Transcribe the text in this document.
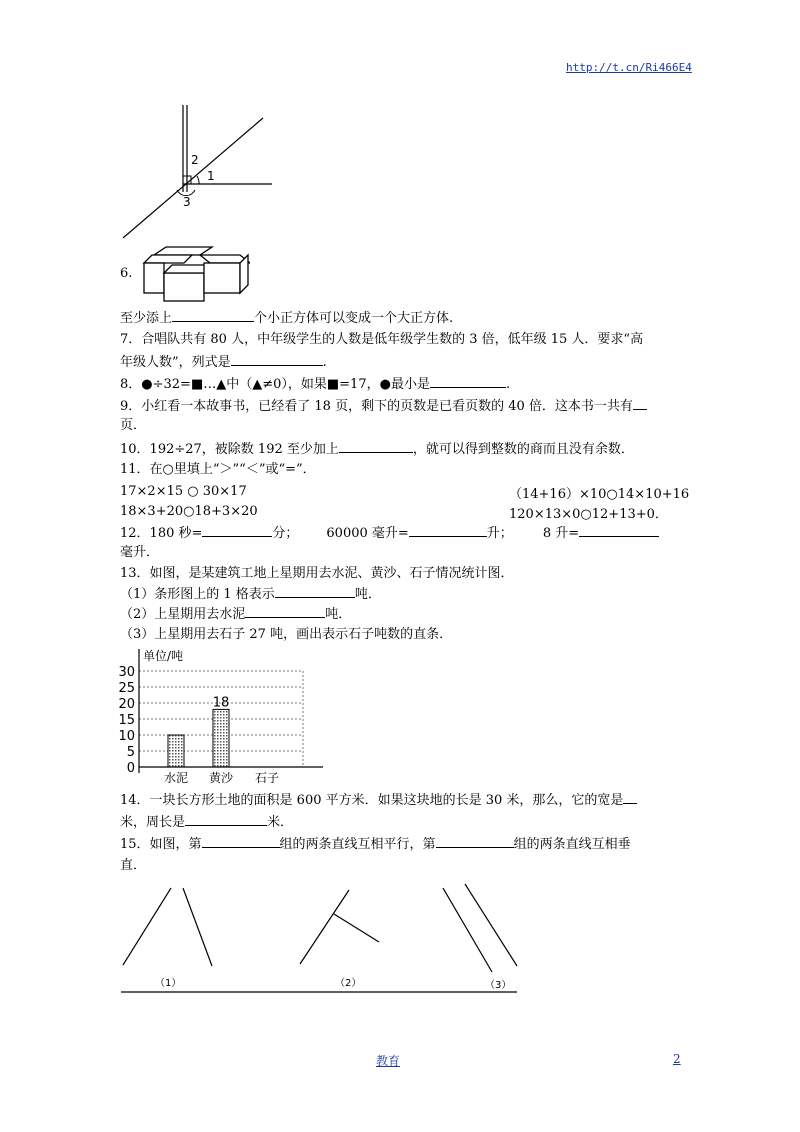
http://t.cn/Ri466E4
2
1
3
6.
至少添上	个小正方体可以变成一个大正方体.
7．合唱队共有 80 人，中年级学生的人数是低年级学生数的 3 倍，低年级 15 人．要求“高
年级人数”，列式是	.
8．●÷32=■…▲中（▲≠0），如果■=17，●最小是	.
9．小红看一本故事书，已经看了 18 页，剩下的页数是已看页数的 40 倍．这本书一共有
页．
10．192÷27，被除数 192 至少加上	，就可以得到整数的商而且没有余数．
11．在○里填上“＞”“＜”或“=”．
17×2×15 ○ 30×17	（14+16）×10○14×10+16
18×3+20○18+3×20	120×13×0○12+13+0．
12．180 秒=	分； 60000 毫升=	升； 8 升=
毫升．
13．如图，是某建筑工地上星期用去水泥、黄沙、石子情况统计图．
（1）条形图上的 1 格表示	吨．
（2）上星期用去水泥	吨．
（3）上星期用去石子 27 吨，画出表示石子吨数的直条．
单位/吨
0
5
10
15
20
25
30
18
水泥 黄沙 石子
14．一块长方形土地的面积是 600 平方米．如果这块地的长是 30 米，那么，它的宽是
米，周长是	米．
15．如图，第	组的两条直线互相平行，第	组的两条直线互相垂
直．
（1）	（2）	（3）
教育	2
